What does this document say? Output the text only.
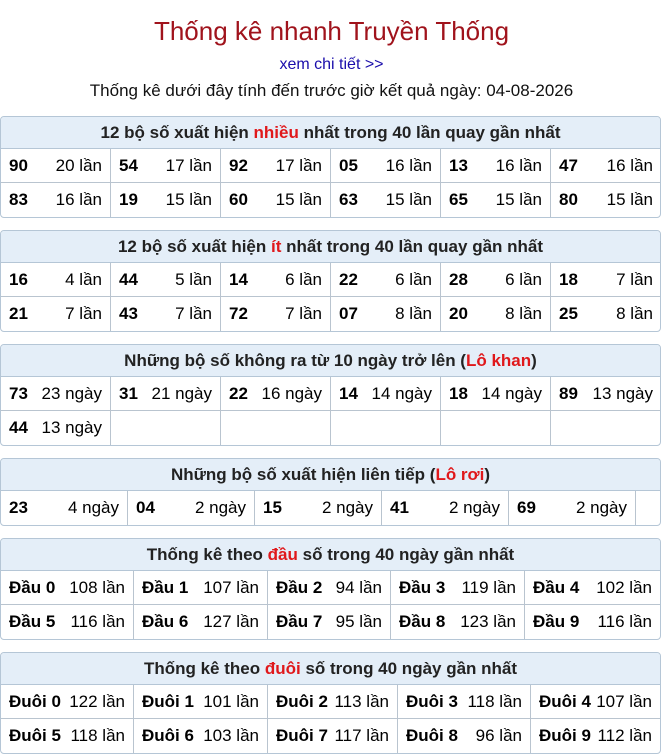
Thống kê nhanh Truyền Thống
xem chi tiết >>
Thống kê dưới đây tính đến trước giờ kết quả ngày: 04-08-2026
12 bộ số xuất hiện nhiều nhất trong 40 lần quay gần nhất
90 20 lần 54 17 lần 92 17 lần 05 16 lần 13 16 lần 47 16 lần
83 16 lần 19 15 lần 60 15 lần 63 15 lần 65 15 lần 80 15 lần
12 bộ số xuất hiện ít nhất trong 40 lần quay gần nhất
16 4 lần 44 5 lần 14 6 lần 22 6 lần 28 6 lần 18 7 lần
21 7 lần 43 7 lần 72 7 lần 07 8 lần 20 8 lần 25 8 lần
Những bộ số không ra từ 10 ngày trở lên (Lô khan)
73 23 ngày 31 21 ngày 22 16 ngày 14 14 ngày 18 14 ngày 89 13 ngày
44 13 ngày
Những bộ số xuất hiện liên tiếp (Lô rơi)
23 4 ngày 04 2 ngày 15 2 ngày 41 2 ngày 69 2 ngày
Thống kê theo đầu số trong 40 ngày gần nhất
Đầu 0 108 lần Đầu 1 107 lần Đầu 2 94 lần Đầu 3 119 lần Đầu 4 102 lần
Đầu 5 116 lần Đầu 6 127 lần Đầu 7 95 lần Đầu 8 123 lần Đầu 9 116 lần
Thống kê theo đuôi số trong 40 ngày gần nhất
Đuôi 0 122 lần Đuôi 1 101 lần Đuôi 2 113 lần Đuôi 3 118 lần Đuôi 4 107 lần
Đuôi 5 118 lần Đuôi 6 103 lần Đuôi 7 117 lần Đuôi 8 96 lần Đuôi 9 112 lần
